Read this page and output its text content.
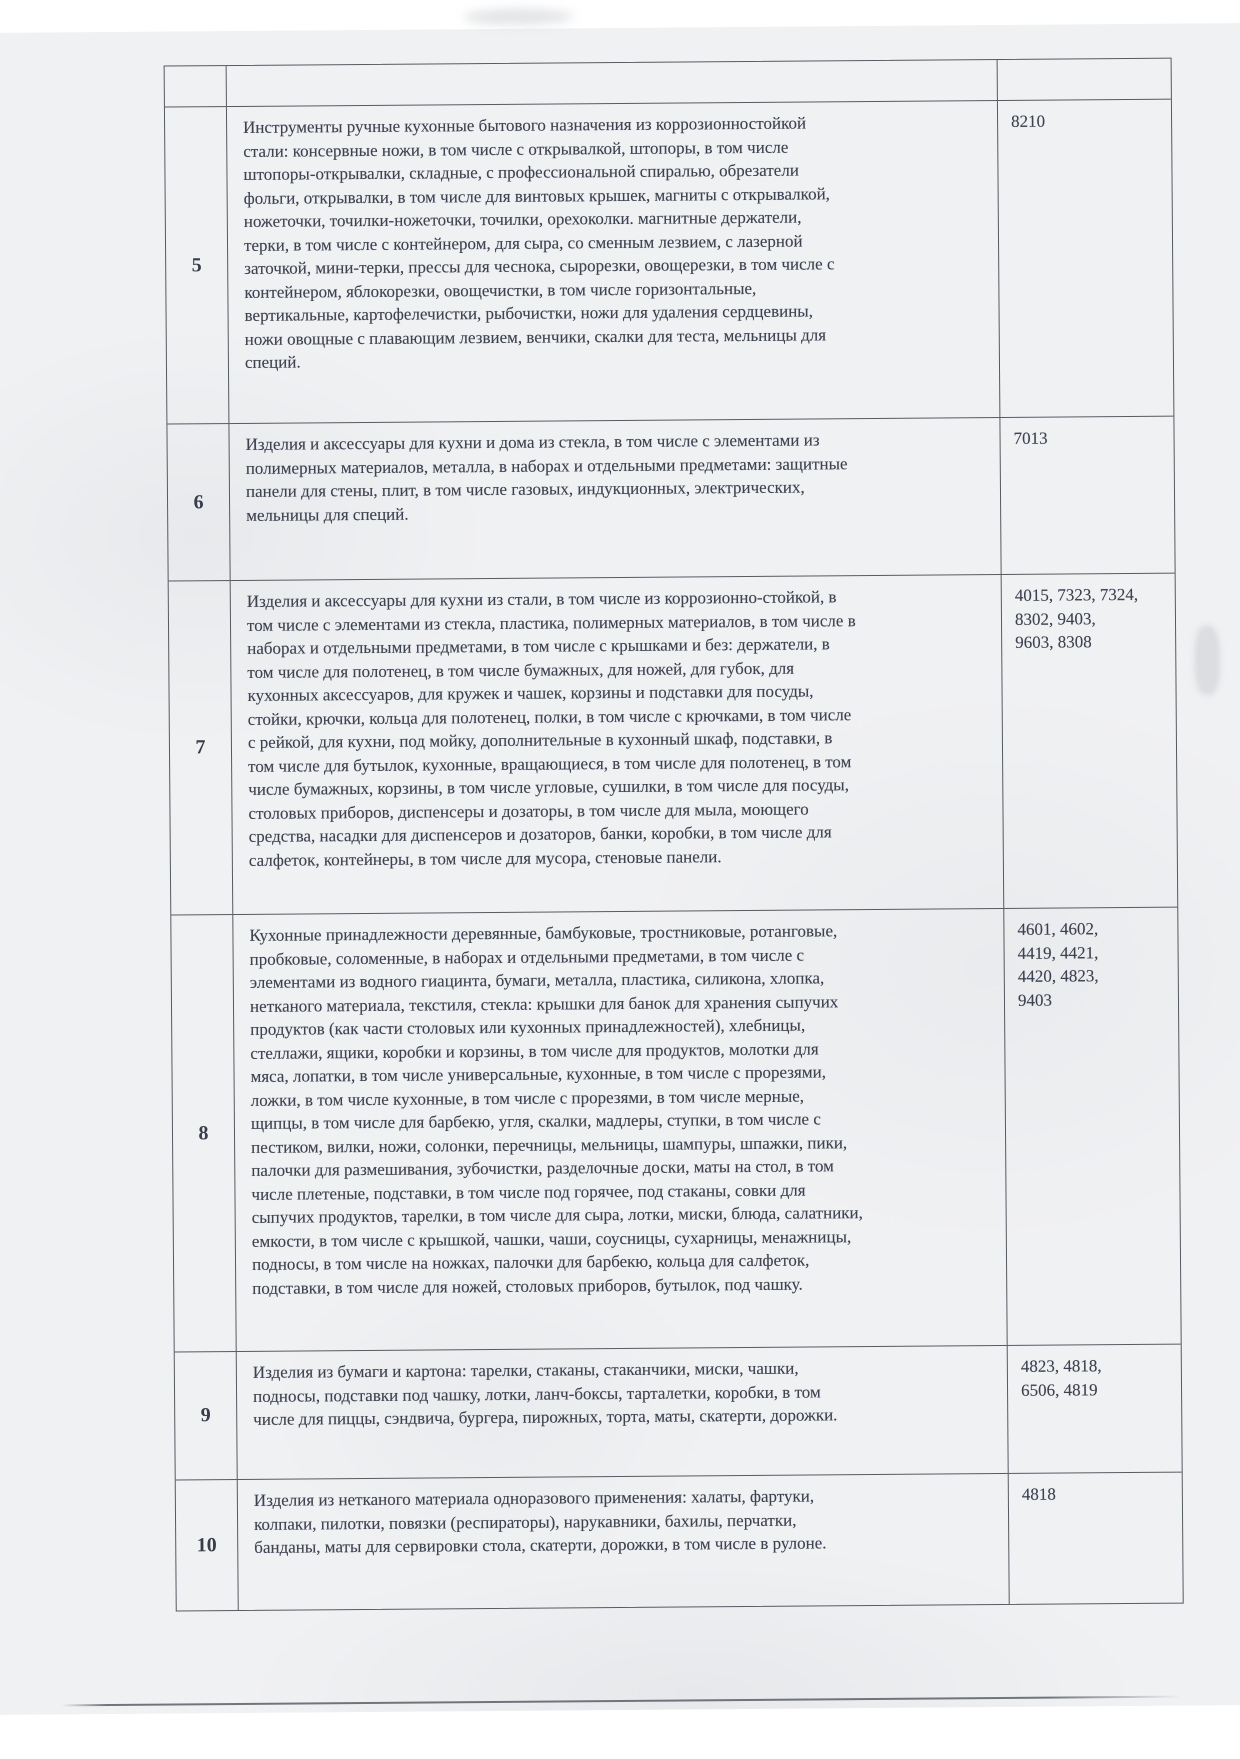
5
Инструменты ручные кухонные бытового назначения из коррозионностойкой
стали: консервные ножи, в том числе с открывалкой, штопоры, в том числе
штопоры-открывалки, складные, с профессиональной спиралью, обрезатели
фольги, открывалки, в том числе для винтовых крышек, магниты с открывалкой,
ножеточки, точилки-ножеточки, точилки, орехоколки. магнитные держатели,
терки, в том числе с контейнером, для сыра, со сменным лезвием, с лазерной
заточкой, мини-терки, прессы для чеснока, сырорезки, овощерезки, в том числе с
контейнером, яблокорезки, овощечистки, в том числе горизонтальные,
вертикальные, картофелечистки, рыбочистки, ножи для удаления сердцевины,
ножи овощные с плавающим лезвием, венчики, скалки для теста, мельницы для
специй.
8210
6
Изделия и аксессуары для кухни и дома из стекла, в том числе с элементами из
полимерных материалов, металла, в наборах и отдельными предметами: защитные
панели для стены, плит, в том числе газовых, индукционных, электрических,
мельницы для специй.
7013
7
Изделия и аксессуары для кухни из стали, в том числе из коррозионно-стойкой, в
том числе с элементами из стекла, пластика, полимерных материалов, в том числе в
наборах и отдельными предметами, в том числе с крышками и без: держатели, в
том числе для полотенец, в том числе бумажных, для ножей, для губок, для
кухонных аксессуаров, для кружек и чашек, корзины и подставки для посуды,
стойки, крючки, кольца для полотенец, полки, в том числе с крючками, в том числе
с рейкой, для кухни, под мойку, дополнительные в кухонный шкаф, подставки, в
том числе для бутылок, кухонные, вращающиеся, в том числе для полотенец, в том
числе бумажных, корзины, в том числе угловые, сушилки, в том числе для посуды,
столовых приборов, диспенсеры и дозаторы, в том числе для мыла, моющего
средства, насадки для диспенсеров и дозаторов, банки, коробки, в том числе для
салфеток, контейнеры, в том числе для мусора, стеновые панели.
4015, 7323, 7324,
8302, 9403,
9603, 8308
8
Кухонные принадлежности деревянные, бамбуковые, тростниковые, ротанговые,
пробковые, соломенные, в наборах и отдельными предметами, в том числе с
элементами из водного гиацинта, бумаги, металла, пластика, силикона, хлопка,
нетканого материала, текстиля, стекла: крышки для банок для хранения сыпучих
продуктов (как части столовых или кухонных принадлежностей), хлебницы,
стеллажи, ящики, коробки и корзины, в том числе для продуктов, молотки для
мяса, лопатки, в том числе универсальные, кухонные, в том числе с прорезями,
ложки, в том числе кухонные, в том числе с прорезями, в том числе мерные,
щипцы, в том числе для барбекю, угля, скалки, мадлеры, ступки, в том числе с
пестиком, вилки, ножи, солонки, перечницы, мельницы, шампуры, шпажки, пики,
палочки для размешивания, зубочистки, разделочные доски, маты на стол, в том
числе плетеные, подставки, в том числе под горячее, под стаканы, совки для
сыпучих продуктов, тарелки, в том числе для сыра, лотки, миски, блюда, салатники,
емкости, в том числе с крышкой, чашки, чаши, соусницы, сухарницы, менажницы,
подносы, в том числе на ножках, палочки для барбекю, кольца для салфеток,
подставки, в том числе для ножей, столовых приборов, бутылок, под чашку.
4601, 4602,
4419, 4421,
4420, 4823,
9403
9
Изделия из бумаги и картона: тарелки, стаканы, стаканчики, миски, чашки,
подносы, подставки под чашку, лотки, ланч-боксы, тарталетки, коробки, в том
числе для пиццы, сэндвича, бургера, пирожных, торта, маты, скатерти, дорожки.
4823, 4818,
6506, 4819
10
Изделия из нетканого материала одноразового применения: халаты, фартуки,
колпаки, пилотки, повязки (респираторы), нарукавники, бахилы, перчатки,
банданы, маты для сервировки стола, скатерти, дорожки, в том числе в рулоне.
4818
